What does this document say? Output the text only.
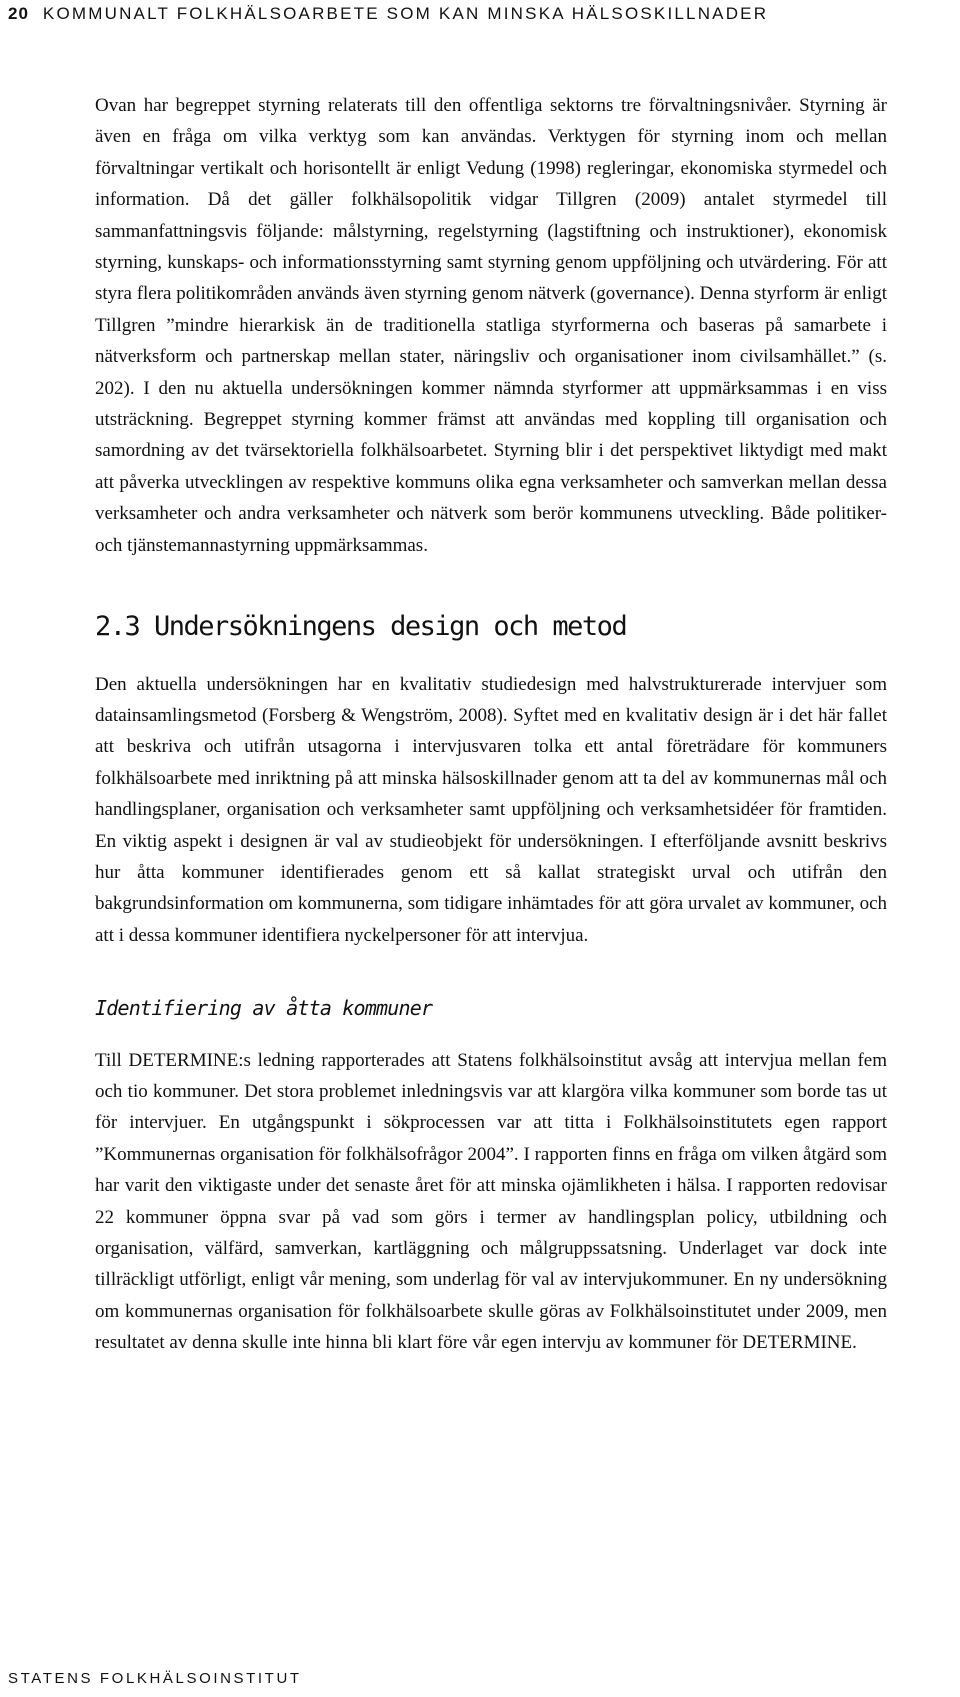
20 KOMMUNALT FOLKHÄLSOARBETE SOM KAN MINSKA HÄLSOSKILLNADER

Ovan har begreppet styrning relaterats till den offentliga sektorns tre förvaltningsnivåer. Styrning är även en fråga om vilka verktyg som kan användas. Verktygen för styrning inom och mellan förvaltningar vertikalt och horisontellt är enligt Vedung (1998) regleringar, ekonomiska styrmedel och information. Då det gäller folkhälsopolitik vidgar Tillgren (2009) antalet styrmedel till sammanfattningsvis följande: målstyrning, regelstyrning (lagstiftning och instruktioner), ekonomisk styrning, kunskaps- och informationsstyrning samt styrning genom uppföljning och utvärdering. För att styra flera politikområden används även styrning genom nätverk (governance). Denna styrform är enligt Tillgren ”mindre hierarkisk än de traditionella statliga styrformerna och baseras på samarbete i nätverksform och partnerskap mellan stater, näringsliv och organisationer inom civilsamhället.” (s. 202). I den nu aktuella undersökningen kommer nämnda styrformer att uppmärksammas i en viss utsträckning. Begreppet styrning kommer främst att användas med koppling till organisation och samordning av det tvärsektoriella folkhälsoarbetet. Styrning blir i det perspektivet liktydigt med makt att påverka utvecklingen av respektive kommuns olika egna verksamheter och samverkan mellan dessa verksamheter och andra verksamheter och nätverk som berör kommunens utveckling. Både politiker- och tjänstemannastyrning uppmärksammas.

2.3 Undersökningens design och metod

Den aktuella undersökningen har en kvalitativ studiedesign med halvstrukturerade intervjuer som datainsamlingsmetod (Forsberg & Wengström, 2008). Syftet med en kvalitativ design är i det här fallet att beskriva och utifrån utsagorna i intervjusvaren tolka ett antal företrädare för kommuners folkhälsoarbete med inriktning på att minska hälsoskillnader genom att ta del av kommunernas mål och handlingsplaner, organisation och verksamheter samt uppföljning och verksamhetsidéer för framtiden. En viktig aspekt i designen är val av studieobjekt för undersökningen. I efterföljande avsnitt beskrivs hur åtta kommuner identifierades genom ett så kallat strategiskt urval och utifrån den bakgrundsinformation om kommunerna, som tidigare inhämtades för att göra urvalet av kommuner, och att i dessa kommuner identifiera nyckelpersoner för att intervjua.

Identifiering av åtta kommuner

Till DETERMINE:s ledning rapporterades att Statens folkhälsoinstitut avsåg att intervjua mellan fem och tio kommuner. Det stora problemet inledningsvis var att klargöra vilka kommuner som borde tas ut för intervjuer. En utgångspunkt i sökprocessen var att titta i Folkhälsoinstitutets egen rapport ”Kommunernas organisation för folkhälsofrågor 2004”. I rapporten finns en fråga om vilken åtgärd som har varit den viktigaste under det senaste året för att minska ojämlikheten i hälsa. I rapporten redovisar 22 kommuner öppna svar på vad som görs i termer av handlingsplan policy, utbildning och organisation, välfärd, samverkan, kartläggning och målgruppssatsning. Underlaget var dock inte tillräckligt utförligt, enligt vår mening, som underlag för val av intervjukommuner. En ny undersökning om kommunernas organisation för folkhälsoarbete skulle göras av Folkhälsoinstitutet under 2009, men resultatet av denna skulle inte hinna bli klart före vår egen intervju av kommuner för DETERMINE.

STATENS FOLKHÄLSOINSTITUT
